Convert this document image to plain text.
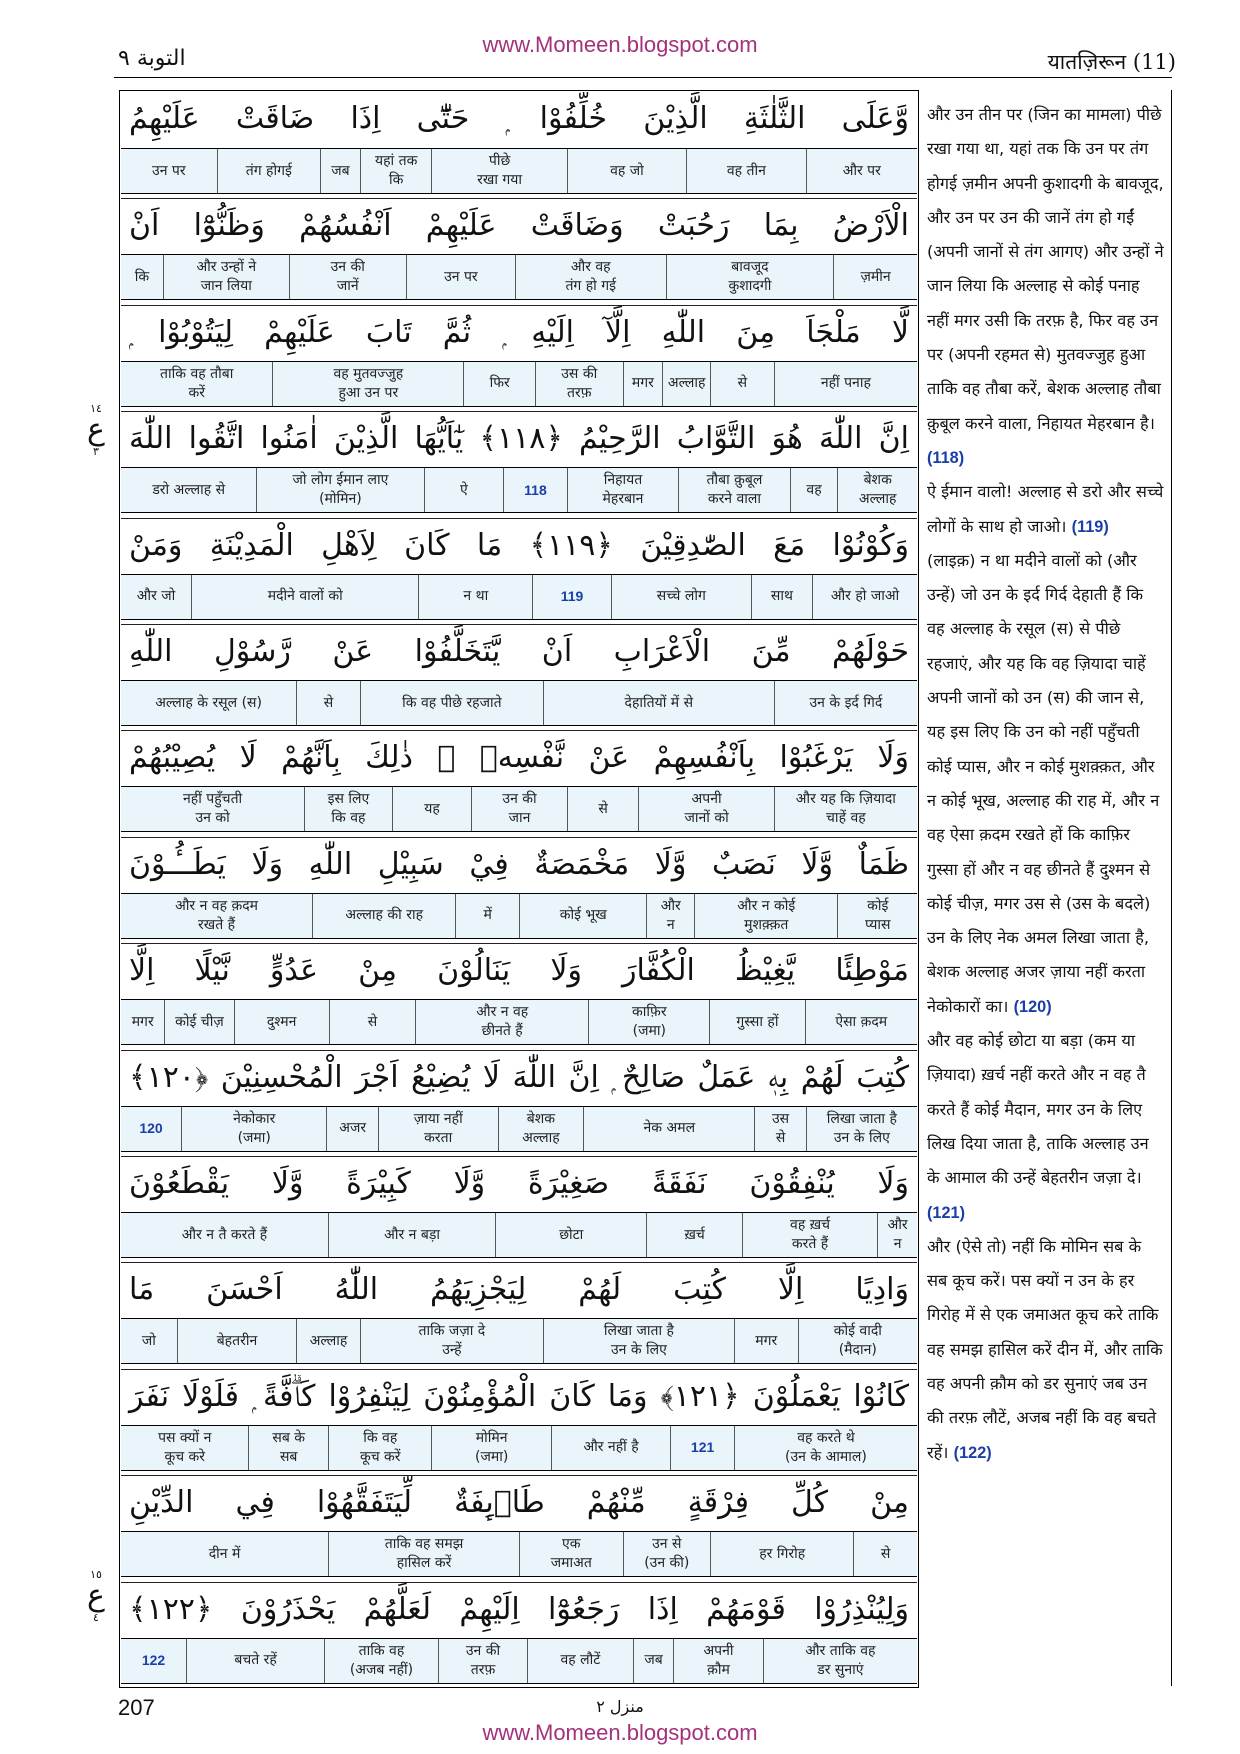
www.Momeen.blogspot.com
التوبة ٩	यातज़िरून (11)
وَّعَلَى الثَّلٰثَةِ الَّذِيْنَ خُلِّفُوْا ۭ حَتّٰٓى اِذَا ضَاقَتْ عَلَيْهِمُ
और पर
वह तीन
वह जो
पीछे
रखा गया
यहां तक
कि
जब
तंग होगई
उन पर
الْاَرْضُ بِمَا رَحُبَتْ وَضَاقَتْ عَلَيْهِمْ اَنْفُسُهُمْ وَظَنُّوْٓا اَنْ
ज़मीन
बावजूद
कुशादगी
और वह
तंग हो गई
उन पर
उन की
जानें
और उन्हों ने
जान लिया
कि
لَّا مَلْجَاَ مِنَ اللّٰهِ اِلَّآ اِلَيْهِ ۭ ثُمَّ تَابَ عَلَيْهِمْ لِيَتُوْبُوْا ۭ
नहीं पनाह
से
अल्लाह
मगर
उस की
तरफ़
फिर
वह मुतवज्जुह
हुआ उन पर
ताकि वह तौबा
करें
اِنَّ اللّٰهَ هُوَ التَّوَّابُ الرَّحِيْمُ ﴿١١٨﴾ يٰٓاَيُّهَا الَّذِيْنَ اٰمَنُوا اتَّقُوا اللّٰهَ
बेशक
अल्लाह
वह
तौबा क़ुबूल
करने वाला
निहायत
मेहरबान
118
ऐ
जो लोग ईमान लाए
(मोमिन)
डरो अल्लाह से
وَكُوْنُوْا مَعَ الصّٰدِقِيْنَ ﴿١١٩﴾ مَا كَانَ لِاَهْلِ الْمَدِيْنَةِ وَمَنْ
और हो जाओ
साथ
सच्चे लोग
119
न था
मदीने वालों को
और जो
حَوْلَهُمْ مِّنَ الْاَعْرَابِ اَنْ يَّتَخَلَّفُوْا عَنْ رَّسُوْلِ اللّٰهِ
उन के इर्द गिर्द
देहातियों में से
कि वह पीछे रहजाते
से
अल्लाह के रसूल (स)
وَلَا يَرْغَبُوْا بِاَنْفُسِهِمْ عَنْ نَّفْسِهٖ ۭ ذٰلِكَ بِاَنَّهُمْ لَا يُصِيْبُهُمْ
और यह कि ज़ियादा
चाहें वह
अपनी
जानों को
से
उन की
जान
यह
इस लिए
कि वह
नहीं पहुँचती
उन को
ظَمَاٌ وَّلَا نَصَبٌ وَّلَا مَخْمَصَةٌ فِيْ سَبِيْلِ اللّٰهِ وَلَا يَطَــُٔـوْنَ
कोई
प्यास
और न कोई
मुशक़्क़त
और
न
कोई भूख
में
अल्लाह की राह
और न वह क़दम
रखते हैं
مَوْطِئًا يَّغِيْظُ الْكُفَّارَ وَلَا يَنَالُوْنَ مِنْ عَدُوٍّ نَّيْلًا اِلَّا
ऐसा क़दम
गुस्सा हों
काफ़िर
(जमा)
और न वह
छीनते हैं
से
दुश्मन
कोई चीज़
मगर
كُتِبَ لَهُمْ بِهٖ عَمَلٌ صَالِحٌ ۭ اِنَّ اللّٰهَ لَا يُضِيْعُ اَجْرَ الْمُحْسِنِيْنَ ﴿١٢٠﴾
लिखा जाता है
उन के लिए
उस
से
नेक अमल
बेशक
अल्लाह
ज़ाया नहीं
करता
अजर
नेकोकार
(जमा)
120
وَلَا يُنْفِقُوْنَ نَفَقَةً صَغِيْرَةً وَّلَا كَبِيْرَةً وَّلَا يَقْطَعُوْنَ
और
न
वह ख़र्च
करते हैं
ख़र्च
छोटा
और न बड़ा
और न तै करते हैं
وَادِيًا اِلَّا كُتِبَ لَهُمْ لِيَجْزِيَهُمُ اللّٰهُ اَحْسَنَ مَا
कोई वादी
(मैदान)
मगर
लिखा जाता है
उन के लिए
ताकि जज़ा दे
उन्हें
अल्लाह
बेहतरीन
जो
كَانُوْا يَعْمَلُوْنَ ﴿١٢١﴾ وَمَا كَانَ الْمُؤْمِنُوْنَ لِيَنْفِرُوْا كَاۗفَّةً ۭ فَلَوْلَا نَفَرَ
वह करते थे
(उन के आमाल)
121
और नहीं है
मोमिन
(जमा)
कि वह
कूच करें
सब के
सब
पस क्यों न
कूच करे
مِنْ كُلِّ فِرْقَةٍ مِّنْهُمْ طَاۗىِٕفَةٌ لِّيَتَفَقَّهُوْا فِي الدِّيْنِ
से
हर गिरोह
उन से
(उन की)
एक
जमाअत
ताकि वह समझ
हासिल करें
दीन में
وَلِيُنْذِرُوْا قَوْمَهُمْ اِذَا رَجَعُوْٓا اِلَيْهِمْ لَعَلَّهُمْ يَحْذَرُوْنَ ﴿١٢٢﴾
और ताकि वह
डर सुनाएं
अपनी
क़ौम
जब
वह लौटें
उन की
तरफ़
ताकि वह
(अजब नहीं)
बचते रहें
122
١٤
ع
٣
١٥
ع
٤
और उन तीन पर (जिन का मामला) पीछे रखा गया था, यहां तक कि उन पर तंग होगई ज़मीन अपनी कुशादगी के बावजूद, और उन पर उन की जानें तंग हो गईं (अपनी जानों से तंग आगए) और उन्हों ने जान लिया कि अल्लाह से कोई पनाह नहीं मगर उसी कि तरफ़ है, फिर वह उन पर (अपनी रहमत से) मुतवज्जुह हुआ ताकि वह तौबा करें, बेशक अल्लाह तौबा क़ुबूल करने वाला, निहायत मेहरबान है। (118)
ऐ ईमान वालो! अल्लाह से डरो और सच्चे लोगों के साथ हो जाओ। (119)
(लाइक़) न था मदीने वालों को (और उन्हें) जो उन के इर्द गिर्द देहाती हैं कि वह अल्लाह के रसूल (स) से पीछे रहजाएं, और यह कि वह ज़ियादा चाहें अपनी जानों को उन (स) की जान से, यह इस लिए कि उन को नहीं पहुँचती कोई प्यास, और न कोई मुशक़्क़त, और न कोई भूख, अल्लाह की राह में, और न वह ऐसा क़दम रखते हों कि काफ़िर गुस्सा हों और न वह छीनते हैं दुश्मन से कोई चीज़, मगर उस से (उस के बदले) उन के लिए नेक अमल लिखा जाता है, बेशक अल्लाह अजर ज़ाया नहीं करता नेकोकारों का। (120)
और वह कोई छोटा या बड़ा (कम या ज़ियादा) ख़र्च नहीं करते और न वह तै करते हैं कोई मैदान, मगर उन के लिए लिख दिया जाता है, ताकि अल्लाह उन के आमाल की उन्हें बेहतरीन जज़ा दे। (121)
और (ऐसे तो) नहीं कि मोमिन सब के सब कूच करें। पस क्यों न उन के हर गिरोह में से एक जमाअत कूच करे ताकि वह समझ हासिल करें दीन में, और ताकि वह अपनी क़ौम को डर सुनाएं जब उन की तरफ़ लौटें, अजब नहीं कि वह बचते रहें। (122)
207	منزل ٢
www.Momeen.blogspot.com
